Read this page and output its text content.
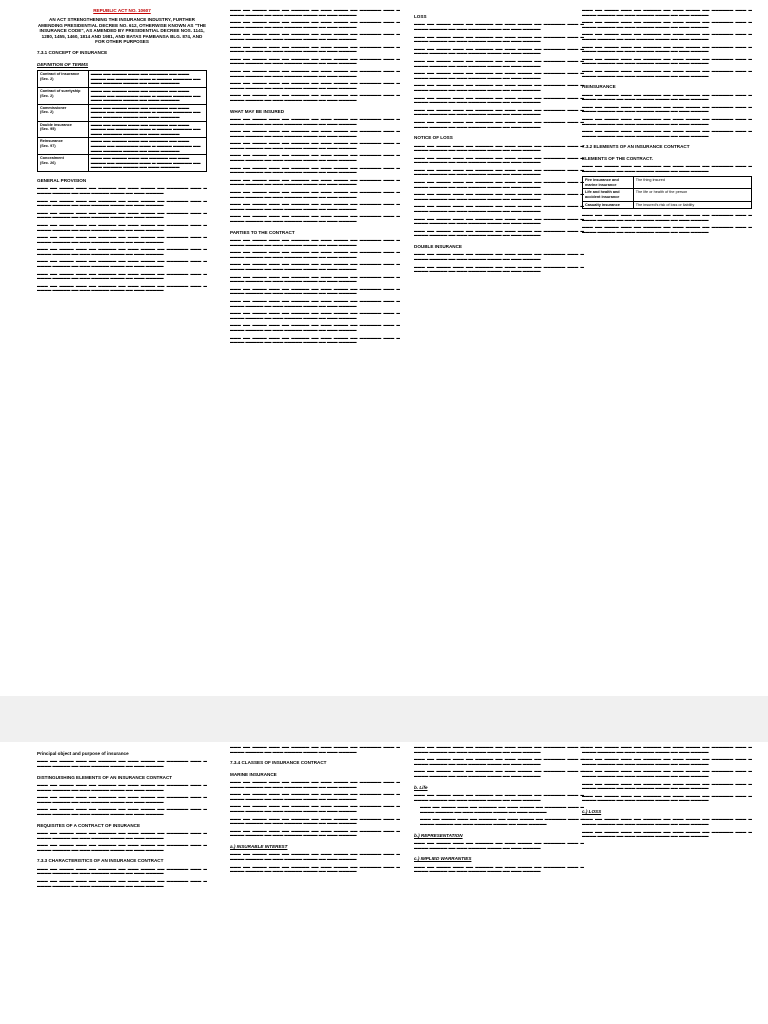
REPUBLIC ACT NO. 10607
AN ACT STRENGTHENING THE INSURANCE INDUSTRY, FURTHER AMENDING PRESIDENTIAL DECREE NO. 612, OTHERWISE KNOWN AS "THE INSURANCE CODE", AS AMENDED BY PRESIDENTIAL DECREE NOS. 1141, 1280, 1455, 1460, 1814 AND 1981, AND BATAS PAMBANSA BLG. 874, AND FOR OTHER PURPOSES
7.3.1 CONCEPT OF INSURANCE
DEFINITION OF TERMS
Contract of insurance
(Sec. 2)	▬▬▬ ▬▬ ▬▬▬▬ ▬▬▬ ▬▬ ▬▬▬▬▬ ▬▬ ▬▬▬ ▬▬▬▬ ▬▬ ▬▬▬▬▬▬ ▬▬▬ ▬ ▬▬▬▬ ▬▬▬▬▬ ▬▬ ▬▬▬ ▬▬▬▬▬ ▬▬▬▬ ▬▬ ▬▬▬ ▬▬▬▬▬
Contract of suretyship
(Sec. 2)	▬▬▬ ▬▬ ▬▬▬▬ ▬▬▬ ▬▬ ▬▬▬▬▬ ▬▬ ▬▬▬ ▬▬▬▬ ▬▬ ▬▬▬▬▬▬ ▬▬▬ ▬ ▬▬▬▬ ▬▬▬▬▬ ▬▬ ▬▬▬ ▬▬▬▬▬ ▬▬▬▬ ▬▬ ▬▬▬ ▬▬▬▬▬
Commissioner
(Sec. 2)	▬▬▬ ▬▬ ▬▬▬▬ ▬▬▬ ▬▬ ▬▬▬▬▬ ▬▬ ▬▬▬ ▬▬▬▬ ▬▬ ▬▬▬▬▬▬ ▬▬▬ ▬ ▬▬▬▬ ▬▬▬▬▬ ▬▬ ▬▬▬ ▬▬▬▬▬ ▬▬▬▬ ▬▬ ▬▬▬ ▬▬▬▬▬
Double insurance
(Sec. 95)	▬▬▬ ▬▬ ▬▬▬▬ ▬▬▬ ▬▬ ▬▬▬▬▬ ▬▬ ▬▬▬ ▬▬▬▬ ▬▬ ▬▬▬▬▬▬ ▬▬▬ ▬ ▬▬▬▬ ▬▬▬▬▬ ▬▬ ▬▬▬ ▬▬▬▬▬ ▬▬▬▬ ▬▬ ▬▬▬ ▬▬▬▬▬
Reinsurance
(Sec. 97)	▬▬▬ ▬▬ ▬▬▬▬ ▬▬▬ ▬▬ ▬▬▬▬▬ ▬▬ ▬▬▬ ▬▬▬▬ ▬▬ ▬▬▬▬▬▬ ▬▬▬ ▬ ▬▬▬▬ ▬▬▬▬▬ ▬▬ ▬▬▬ ▬▬▬▬▬ ▬▬▬▬ ▬▬ ▬▬▬ ▬▬▬▬▬
Concealment
(Sec. 26)	▬▬▬ ▬▬ ▬▬▬▬ ▬▬▬ ▬▬ ▬▬▬▬▬ ▬▬ ▬▬▬ ▬▬▬▬ ▬▬ ▬▬▬▬▬▬ ▬▬▬ ▬ ▬▬▬▬ ▬▬▬▬▬ ▬▬ ▬▬▬ ▬▬▬▬▬ ▬▬▬▬ ▬▬ ▬▬▬ ▬▬▬▬▬
GENERAL PROVISION

▬▬▬ ▬▬ ▬▬▬▬ ▬▬▬ ▬▬ ▬▬▬▬▬ ▬▬ ▬▬▬ ▬▬▬▬ ▬▬ ▬▬▬▬▬▬ ▬▬▬ ▬ ▬▬▬▬ ▬▬▬▬▬ ▬▬ ▬▬▬ ▬▬▬▬▬ ▬▬▬▬ ▬▬ ▬▬▬ ▬▬▬▬▬

▬▬▬ ▬▬ ▬▬▬▬ ▬▬▬ ▬▬ ▬▬▬▬▬ ▬▬ ▬▬▬ ▬▬▬▬ ▬▬ ▬▬▬▬▬▬ ▬▬▬ ▬ ▬▬▬▬ ▬▬▬▬▬ ▬▬ ▬▬▬ ▬▬▬▬▬ ▬▬▬▬ ▬▬ ▬▬▬ ▬▬▬▬▬

▬▬▬ ▬▬ ▬▬▬▬ ▬▬▬ ▬▬ ▬▬▬▬▬ ▬▬ ▬▬▬ ▬▬▬▬ ▬▬ ▬▬▬▬▬▬ ▬▬▬ ▬ ▬▬▬▬ ▬▬▬▬▬ ▬▬ ▬▬▬ ▬▬▬▬▬ ▬▬▬▬ ▬▬ ▬▬▬ ▬▬▬▬▬

▬▬▬ ▬▬ ▬▬▬▬ ▬▬▬ ▬▬ ▬▬▬▬▬ ▬▬ ▬▬▬ ▬▬▬▬ ▬▬ ▬▬▬▬▬▬ ▬▬▬ ▬ ▬▬▬▬ ▬▬▬▬▬ ▬▬ ▬▬▬ ▬▬▬▬▬ ▬▬▬▬ ▬▬ ▬▬▬ ▬▬▬▬▬

▬▬▬ ▬▬ ▬▬▬▬ ▬▬▬ ▬▬ ▬▬▬▬▬ ▬▬ ▬▬▬ ▬▬▬▬ ▬▬ ▬▬▬▬▬▬ ▬▬▬ ▬ ▬▬▬▬ ▬▬▬▬▬ ▬▬ ▬▬▬ ▬▬▬▬▬ ▬▬▬▬ ▬▬ ▬▬▬ ▬▬▬▬▬

▬▬▬ ▬▬ ▬▬▬▬ ▬▬▬ ▬▬ ▬▬▬▬▬ ▬▬ ▬▬▬ ▬▬▬▬ ▬▬ ▬▬▬▬▬▬ ▬▬▬ ▬ ▬▬▬▬ ▬▬▬▬▬ ▬▬ ▬▬▬ ▬▬▬▬▬ ▬▬▬▬ ▬▬ ▬▬▬ ▬▬▬▬▬

▬▬▬ ▬▬ ▬▬▬▬ ▬▬▬ ▬▬ ▬▬▬▬▬ ▬▬ ▬▬▬ ▬▬▬▬ ▬▬ ▬▬▬▬▬▬ ▬▬▬ ▬ ▬▬▬▬ ▬▬▬▬▬ ▬▬ ▬▬▬ ▬▬▬▬▬ ▬▬▬▬ ▬▬ ▬▬▬ ▬▬▬▬▬

▬▬▬ ▬▬ ▬▬▬▬ ▬▬▬ ▬▬ ▬▬▬▬▬ ▬▬ ▬▬▬ ▬▬▬▬ ▬▬ ▬▬▬▬▬▬ ▬▬▬ ▬ ▬▬▬▬ ▬▬▬▬▬ ▬▬ ▬▬▬ ▬▬▬▬▬ ▬▬▬▬ ▬▬ ▬▬▬ ▬▬▬▬▬

▬▬▬ ▬▬ ▬▬▬▬ ▬▬▬ ▬▬ ▬▬▬▬▬ ▬▬ ▬▬▬ ▬▬▬▬ ▬▬ ▬▬▬▬▬▬ ▬▬▬ ▬ ▬▬▬▬ ▬▬▬▬▬ ▬▬ ▬▬▬ ▬▬▬▬▬ ▬▬▬▬ ▬▬ ▬▬▬ ▬▬▬▬▬

▬▬▬ ▬▬ ▬▬▬▬ ▬▬▬ ▬▬ ▬▬▬▬▬ ▬▬ ▬▬▬ ▬▬▬▬ ▬▬ ▬▬▬▬▬▬ ▬▬▬ ▬ ▬▬▬▬ ▬▬▬▬▬ ▬▬ ▬▬▬ ▬▬▬▬▬ ▬▬▬▬ ▬▬ ▬▬▬ ▬▬▬▬▬

▬▬▬ ▬▬ ▬▬▬▬ ▬▬▬ ▬▬ ▬▬▬▬▬ ▬▬ ▬▬▬ ▬▬▬▬ ▬▬ ▬▬▬▬▬▬ ▬▬▬ ▬ ▬▬▬▬ ▬▬▬▬▬ ▬▬ ▬▬▬ ▬▬▬▬▬ ▬▬▬▬ ▬▬ ▬▬▬ ▬▬▬▬▬

▬▬▬ ▬▬ ▬▬▬▬ ▬▬▬ ▬▬ ▬▬▬▬▬ ▬▬ ▬▬▬ ▬▬▬▬ ▬▬ ▬▬▬▬▬▬ ▬▬▬ ▬ ▬▬▬▬ ▬▬▬▬▬ ▬▬ ▬▬▬ ▬▬▬▬▬ ▬▬▬▬ ▬▬ ▬▬▬ ▬▬▬▬▬

▬▬▬ ▬▬ ▬▬▬▬ ▬▬▬ ▬▬ ▬▬▬▬▬ ▬▬ ▬▬▬ ▬▬▬▬ ▬▬ ▬▬▬▬▬▬ ▬▬▬ ▬ ▬▬▬▬ ▬▬▬▬▬ ▬▬ ▬▬▬ ▬▬▬▬▬ ▬▬▬▬ ▬▬ ▬▬▬ ▬▬▬▬▬

▬▬▬ ▬▬ ▬▬▬▬ ▬▬▬ ▬▬ ▬▬▬▬▬ ▬▬ ▬▬▬ ▬▬▬▬ ▬▬ ▬▬▬▬▬▬ ▬▬▬ ▬ ▬▬▬▬ ▬▬▬▬▬ ▬▬ ▬▬▬ ▬▬▬▬▬ ▬▬▬▬ ▬▬ ▬▬▬ ▬▬▬▬▬

▬▬▬ ▬▬ ▬▬▬▬ ▬▬▬ ▬▬ ▬▬▬▬▬ ▬▬ ▬▬▬ ▬▬▬▬ ▬▬ ▬▬▬▬▬▬ ▬▬▬ ▬ ▬▬▬▬ ▬▬▬▬▬ ▬▬ ▬▬▬ ▬▬▬▬▬ ▬▬▬▬ ▬▬ ▬▬▬ ▬▬▬▬▬

▬▬▬ ▬▬ ▬▬▬▬ ▬▬▬ ▬▬ ▬▬▬▬▬ ▬▬ ▬▬▬ ▬▬▬▬ ▬▬ ▬▬▬▬▬▬ ▬▬▬ ▬ ▬▬▬▬ ▬▬▬▬▬ ▬▬ ▬▬▬ ▬▬▬▬▬ ▬▬▬▬ ▬▬ ▬▬▬ ▬▬▬▬▬

▬▬▬ ▬▬ ▬▬▬▬ ▬▬▬ ▬▬ ▬▬▬▬▬ ▬▬ ▬▬▬ ▬▬▬▬ ▬▬ ▬▬▬▬▬▬ ▬▬▬ ▬ ▬▬▬▬ ▬▬▬▬▬ ▬▬ ▬▬▬ ▬▬▬▬▬ ▬▬▬▬ ▬▬ ▬▬▬ ▬▬▬▬▬

WHAT MAY BE INSURED

▬▬▬ ▬▬ ▬▬▬▬ ▬▬▬ ▬▬ ▬▬▬▬▬ ▬▬ ▬▬▬ ▬▬▬▬ ▬▬ ▬▬▬▬▬▬ ▬▬▬ ▬ ▬▬▬▬ ▬▬▬▬▬ ▬▬ ▬▬▬ ▬▬▬▬▬ ▬▬▬▬ ▬▬ ▬▬▬ ▬▬▬▬▬

▬▬▬ ▬▬ ▬▬▬▬ ▬▬▬ ▬▬ ▬▬▬▬▬ ▬▬ ▬▬▬ ▬▬▬▬ ▬▬ ▬▬▬▬▬▬ ▬▬▬ ▬ ▬▬▬▬ ▬▬▬▬▬ ▬▬ ▬▬▬ ▬▬▬▬▬ ▬▬▬▬ ▬▬ ▬▬▬ ▬▬▬▬▬

▬▬▬ ▬▬ ▬▬▬▬ ▬▬▬ ▬▬ ▬▬▬▬▬ ▬▬ ▬▬▬ ▬▬▬▬ ▬▬ ▬▬▬▬▬▬ ▬▬▬ ▬ ▬▬▬▬ ▬▬▬▬▬ ▬▬ ▬▬▬ ▬▬▬▬▬ ▬▬▬▬ ▬▬ ▬▬▬ ▬▬▬▬▬

▬▬▬ ▬▬ ▬▬▬▬ ▬▬▬ ▬▬ ▬▬▬▬▬ ▬▬ ▬▬▬ ▬▬▬▬ ▬▬ ▬▬▬▬▬▬ ▬▬▬ ▬ ▬▬▬▬ ▬▬▬▬▬ ▬▬ ▬▬▬ ▬▬▬▬▬ ▬▬▬▬ ▬▬ ▬▬▬ ▬▬▬▬▬

▬▬▬ ▬▬ ▬▬▬▬ ▬▬▬ ▬▬ ▬▬▬▬▬ ▬▬ ▬▬▬ ▬▬▬▬ ▬▬ ▬▬▬▬▬▬ ▬▬▬ ▬ ▬▬▬▬ ▬▬▬▬▬ ▬▬ ▬▬▬ ▬▬▬▬▬ ▬▬▬▬ ▬▬ ▬▬▬ ▬▬▬▬▬

▬▬▬ ▬▬ ▬▬▬▬ ▬▬▬ ▬▬ ▬▬▬▬▬ ▬▬ ▬▬▬ ▬▬▬▬ ▬▬ ▬▬▬▬▬▬ ▬▬▬ ▬ ▬▬▬▬ ▬▬▬▬▬ ▬▬ ▬▬▬ ▬▬▬▬▬ ▬▬▬▬ ▬▬ ▬▬▬ ▬▬▬▬▬

▬▬▬ ▬▬ ▬▬▬▬ ▬▬▬ ▬▬ ▬▬▬▬▬ ▬▬ ▬▬▬ ▬▬▬▬ ▬▬ ▬▬▬▬▬▬ ▬▬▬ ▬ ▬▬▬▬ ▬▬▬▬▬ ▬▬ ▬▬▬ ▬▬▬▬▬ ▬▬▬▬ ▬▬ ▬▬▬ ▬▬▬▬▬

▬▬▬ ▬▬ ▬▬▬▬ ▬▬▬ ▬▬ ▬▬▬▬▬ ▬▬ ▬▬▬ ▬▬▬▬ ▬▬ ▬▬▬▬▬▬ ▬▬▬ ▬ ▬▬▬▬ ▬▬▬▬▬ ▬▬ ▬▬▬ ▬▬▬▬▬ ▬▬▬▬ ▬▬ ▬▬▬ ▬▬▬▬▬

▬▬▬ ▬▬ ▬▬▬▬ ▬▬▬ ▬▬ ▬▬▬▬▬ ▬▬ ▬▬▬ ▬▬▬▬ ▬▬ ▬▬▬▬▬▬ ▬▬▬ ▬ ▬▬▬▬ ▬▬▬▬▬ ▬▬ ▬▬▬ ▬▬▬▬▬ ▬▬▬▬ ▬▬ ▬▬▬ ▬▬▬▬▬

PARTIES TO THE CONTRACT

▬▬▬ ▬▬ ▬▬▬▬ ▬▬▬ ▬▬ ▬▬▬▬▬ ▬▬ ▬▬▬ ▬▬▬▬ ▬▬ ▬▬▬▬▬▬ ▬▬▬ ▬ ▬▬▬▬ ▬▬▬▬▬ ▬▬ ▬▬▬ ▬▬▬▬▬ ▬▬▬▬ ▬▬ ▬▬▬ ▬▬▬▬▬

▬▬▬ ▬▬ ▬▬▬▬ ▬▬▬ ▬▬ ▬▬▬▬▬ ▬▬ ▬▬▬ ▬▬▬▬ ▬▬ ▬▬▬▬▬▬ ▬▬▬ ▬ ▬▬▬▬ ▬▬▬▬▬ ▬▬ ▬▬▬ ▬▬▬▬▬ ▬▬▬▬ ▬▬ ▬▬▬ ▬▬▬▬▬

▬▬▬ ▬▬ ▬▬▬▬ ▬▬▬ ▬▬ ▬▬▬▬▬ ▬▬ ▬▬▬ ▬▬▬▬ ▬▬ ▬▬▬▬▬▬ ▬▬▬ ▬ ▬▬▬▬ ▬▬▬▬▬ ▬▬ ▬▬▬ ▬▬▬▬▬ ▬▬▬▬ ▬▬ ▬▬▬ ▬▬▬▬▬

▬▬▬ ▬▬ ▬▬▬▬ ▬▬▬ ▬▬ ▬▬▬▬▬ ▬▬ ▬▬▬ ▬▬▬▬ ▬▬ ▬▬▬▬▬▬ ▬▬▬ ▬ ▬▬▬▬ ▬▬▬▬▬ ▬▬ ▬▬▬ ▬▬▬▬▬ ▬▬▬▬ ▬▬ ▬▬▬ ▬▬▬▬▬

▬▬▬ ▬▬ ▬▬▬▬ ▬▬▬ ▬▬ ▬▬▬▬▬ ▬▬ ▬▬▬ ▬▬▬▬ ▬▬ ▬▬▬▬▬▬ ▬▬▬ ▬ ▬▬▬▬ ▬▬▬▬▬ ▬▬ ▬▬▬ ▬▬▬▬▬ ▬▬▬▬ ▬▬ ▬▬▬ ▬▬▬▬▬

▬▬▬ ▬▬ ▬▬▬▬ ▬▬▬ ▬▬ ▬▬▬▬▬ ▬▬ ▬▬▬ ▬▬▬▬ ▬▬ ▬▬▬▬▬▬ ▬▬▬ ▬ ▬▬▬▬ ▬▬▬▬▬ ▬▬ ▬▬▬ ▬▬▬▬▬ ▬▬▬▬ ▬▬ ▬▬▬ ▬▬▬▬▬

▬▬▬ ▬▬ ▬▬▬▬ ▬▬▬ ▬▬ ▬▬▬▬▬ ▬▬ ▬▬▬ ▬▬▬▬ ▬▬ ▬▬▬▬▬▬ ▬▬▬ ▬ ▬▬▬▬ ▬▬▬▬▬ ▬▬ ▬▬▬ ▬▬▬▬▬ ▬▬▬▬ ▬▬ ▬▬▬ ▬▬▬▬▬

▬▬▬ ▬▬ ▬▬▬▬ ▬▬▬ ▬▬ ▬▬▬▬▬ ▬▬ ▬▬▬ ▬▬▬▬ ▬▬ ▬▬▬▬▬▬ ▬▬▬ ▬ ▬▬▬▬ ▬▬▬▬▬ ▬▬ ▬▬▬ ▬▬▬▬▬ ▬▬▬▬ ▬▬ ▬▬▬ ▬▬▬▬▬

▬▬▬ ▬▬ ▬▬▬▬ ▬▬▬ ▬▬ ▬▬▬▬▬ ▬▬ ▬▬▬ ▬▬▬▬ ▬▬ ▬▬▬▬▬▬ ▬▬▬ ▬ ▬▬▬▬ ▬▬▬▬▬ ▬▬ ▬▬▬ ▬▬▬▬▬ ▬▬▬▬ ▬▬ ▬▬▬ ▬▬▬▬▬

LOSS

▬▬▬ ▬▬ ▬▬▬▬ ▬▬▬ ▬▬ ▬▬▬▬▬ ▬▬ ▬▬▬ ▬▬▬▬ ▬▬ ▬▬▬▬▬▬ ▬▬▬ ▬ ▬▬▬▬ ▬▬▬▬▬ ▬▬ ▬▬▬ ▬▬▬▬▬ ▬▬▬▬ ▬▬ ▬▬▬ ▬▬▬▬▬

▬▬▬ ▬▬ ▬▬▬▬ ▬▬▬ ▬▬ ▬▬▬▬▬ ▬▬ ▬▬▬ ▬▬▬▬ ▬▬ ▬▬▬▬▬▬ ▬▬▬ ▬ ▬▬▬▬ ▬▬▬▬▬ ▬▬ ▬▬▬ ▬▬▬▬▬ ▬▬▬▬ ▬▬ ▬▬▬ ▬▬▬▬▬

▬▬▬ ▬▬ ▬▬▬▬ ▬▬▬ ▬▬ ▬▬▬▬▬ ▬▬ ▬▬▬ ▬▬▬▬ ▬▬ ▬▬▬▬▬▬ ▬▬▬ ▬ ▬▬▬▬ ▬▬▬▬▬ ▬▬ ▬▬▬ ▬▬▬▬▬ ▬▬▬▬ ▬▬ ▬▬▬ ▬▬▬▬▬

▬▬▬ ▬▬ ▬▬▬▬ ▬▬▬ ▬▬ ▬▬▬▬▬ ▬▬ ▬▬▬ ▬▬▬▬ ▬▬ ▬▬▬▬▬▬ ▬▬▬ ▬ ▬▬▬▬ ▬▬▬▬▬ ▬▬ ▬▬▬ ▬▬▬▬▬ ▬▬▬▬ ▬▬ ▬▬▬ ▬▬▬▬▬

▬▬▬ ▬▬ ▬▬▬▬ ▬▬▬ ▬▬ ▬▬▬▬▬ ▬▬ ▬▬▬ ▬▬▬▬ ▬▬ ▬▬▬▬▬▬ ▬▬▬ ▬ ▬▬▬▬ ▬▬▬▬▬ ▬▬ ▬▬▬ ▬▬▬▬▬ ▬▬▬▬ ▬▬ ▬▬▬ ▬▬▬▬▬

▬▬▬ ▬▬ ▬▬▬▬ ▬▬▬ ▬▬ ▬▬▬▬▬ ▬▬ ▬▬▬ ▬▬▬▬ ▬▬ ▬▬▬▬▬▬ ▬▬▬ ▬ ▬▬▬▬ ▬▬▬▬▬ ▬▬ ▬▬▬ ▬▬▬▬▬ ▬▬▬▬ ▬▬ ▬▬▬ ▬▬▬▬▬

▬▬▬ ▬▬ ▬▬▬▬ ▬▬▬ ▬▬ ▬▬▬▬▬ ▬▬ ▬▬▬ ▬▬▬▬ ▬▬ ▬▬▬▬▬▬ ▬▬▬ ▬ ▬▬▬▬ ▬▬▬▬▬ ▬▬ ▬▬▬ ▬▬▬▬▬ ▬▬▬▬ ▬▬ ▬▬▬ ▬▬▬▬▬

▬▬▬ ▬▬ ▬▬▬▬ ▬▬▬ ▬▬ ▬▬▬▬▬ ▬▬ ▬▬▬ ▬▬▬▬ ▬▬ ▬▬▬▬▬▬ ▬▬▬ ▬ ▬▬▬▬ ▬▬▬▬▬ ▬▬ ▬▬▬ ▬▬▬▬▬ ▬▬▬▬ ▬▬ ▬▬▬ ▬▬▬▬▬

▬▬▬ ▬▬ ▬▬▬▬ ▬▬▬ ▬▬ ▬▬▬▬▬ ▬▬ ▬▬▬ ▬▬▬▬ ▬▬ ▬▬▬▬▬▬ ▬▬▬ ▬ ▬▬▬▬ ▬▬▬▬▬ ▬▬ ▬▬▬ ▬▬▬▬▬ ▬▬▬▬ ▬▬ ▬▬▬ ▬▬▬▬▬

NOTICE OF LOSS

▬▬▬ ▬▬ ▬▬▬▬ ▬▬▬ ▬▬ ▬▬▬▬▬ ▬▬ ▬▬▬ ▬▬▬▬ ▬▬ ▬▬▬▬▬▬ ▬▬▬ ▬ ▬▬▬▬ ▬▬▬▬▬ ▬▬ ▬▬▬ ▬▬▬▬▬ ▬▬▬▬ ▬▬ ▬▬▬ ▬▬▬▬▬

▬▬▬ ▬▬ ▬▬▬▬ ▬▬▬ ▬▬ ▬▬▬▬▬ ▬▬ ▬▬▬ ▬▬▬▬ ▬▬ ▬▬▬▬▬▬ ▬▬▬ ▬ ▬▬▬▬ ▬▬▬▬▬ ▬▬ ▬▬▬ ▬▬▬▬▬ ▬▬▬▬ ▬▬ ▬▬▬ ▬▬▬▬▬

▬▬▬ ▬▬ ▬▬▬▬ ▬▬▬ ▬▬ ▬▬▬▬▬ ▬▬ ▬▬▬ ▬▬▬▬ ▬▬ ▬▬▬▬▬▬ ▬▬▬ ▬ ▬▬▬▬ ▬▬▬▬▬ ▬▬ ▬▬▬ ▬▬▬▬▬ ▬▬▬▬ ▬▬ ▬▬▬ ▬▬▬▬▬

▬▬▬ ▬▬ ▬▬▬▬ ▬▬▬ ▬▬ ▬▬▬▬▬ ▬▬ ▬▬▬ ▬▬▬▬ ▬▬ ▬▬▬▬▬▬ ▬▬▬ ▬ ▬▬▬▬ ▬▬▬▬▬ ▬▬ ▬▬▬ ▬▬▬▬▬ ▬▬▬▬ ▬▬ ▬▬▬ ▬▬▬▬▬

▬▬▬ ▬▬ ▬▬▬▬ ▬▬▬ ▬▬ ▬▬▬▬▬ ▬▬ ▬▬▬ ▬▬▬▬ ▬▬ ▬▬▬▬▬▬ ▬▬▬ ▬ ▬▬▬▬ ▬▬▬▬▬ ▬▬ ▬▬▬ ▬▬▬▬▬ ▬▬▬▬ ▬▬ ▬▬▬ ▬▬▬▬▬

▬▬▬ ▬▬ ▬▬▬▬ ▬▬▬ ▬▬ ▬▬▬▬▬ ▬▬ ▬▬▬ ▬▬▬▬ ▬▬ ▬▬▬▬▬▬ ▬▬▬ ▬ ▬▬▬▬ ▬▬▬▬▬ ▬▬ ▬▬▬ ▬▬▬▬▬ ▬▬▬▬ ▬▬ ▬▬▬ ▬▬▬▬▬

▬▬▬ ▬▬ ▬▬▬▬ ▬▬▬ ▬▬ ▬▬▬▬▬ ▬▬ ▬▬▬ ▬▬▬▬ ▬▬ ▬▬▬▬▬▬ ▬▬▬ ▬ ▬▬▬▬ ▬▬▬▬▬ ▬▬ ▬▬▬ ▬▬▬▬▬ ▬▬▬▬ ▬▬ ▬▬▬ ▬▬▬▬▬

▬▬▬ ▬▬ ▬▬▬▬ ▬▬▬ ▬▬ ▬▬▬▬▬ ▬▬ ▬▬▬ ▬▬▬▬ ▬▬ ▬▬▬▬▬▬ ▬▬▬ ▬ ▬▬▬▬ ▬▬▬▬▬ ▬▬ ▬▬▬ ▬▬▬▬▬ ▬▬▬▬ ▬▬ ▬▬▬ ▬▬▬▬▬

DOUBLE INSURANCE

▬▬▬ ▬▬ ▬▬▬▬ ▬▬▬ ▬▬ ▬▬▬▬▬ ▬▬ ▬▬▬ ▬▬▬▬ ▬▬ ▬▬▬▬▬▬ ▬▬▬ ▬ ▬▬▬▬ ▬▬▬▬▬ ▬▬ ▬▬▬ ▬▬▬▬▬ ▬▬▬▬ ▬▬ ▬▬▬ ▬▬▬▬▬

▬▬▬ ▬▬ ▬▬▬▬ ▬▬▬ ▬▬ ▬▬▬▬▬ ▬▬ ▬▬▬ ▬▬▬▬ ▬▬ ▬▬▬▬▬▬ ▬▬▬ ▬ ▬▬▬▬ ▬▬▬▬▬ ▬▬ ▬▬▬ ▬▬▬▬▬ ▬▬▬▬ ▬▬ ▬▬▬ ▬▬▬▬▬

▬▬▬ ▬▬ ▬▬▬▬ ▬▬▬ ▬▬ ▬▬▬▬▬ ▬▬ ▬▬▬ ▬▬▬▬ ▬▬ ▬▬▬▬▬▬ ▬▬▬ ▬ ▬▬▬▬ ▬▬▬▬▬ ▬▬ ▬▬▬ ▬▬▬▬▬ ▬▬▬▬ ▬▬ ▬▬▬ ▬▬▬▬▬

▬▬▬ ▬▬ ▬▬▬▬ ▬▬▬ ▬▬ ▬▬▬▬▬ ▬▬ ▬▬▬ ▬▬▬▬ ▬▬ ▬▬▬▬▬▬ ▬▬▬ ▬ ▬▬▬▬ ▬▬▬▬▬ ▬▬ ▬▬▬ ▬▬▬▬▬ ▬▬▬▬ ▬▬ ▬▬▬ ▬▬▬▬▬

▬▬▬ ▬▬ ▬▬▬▬ ▬▬▬ ▬▬ ▬▬▬▬▬ ▬▬ ▬▬▬ ▬▬▬▬ ▬▬ ▬▬▬▬▬▬ ▬▬▬ ▬ ▬▬▬▬ ▬▬▬▬▬ ▬▬ ▬▬▬ ▬▬▬▬▬ ▬▬▬▬ ▬▬ ▬▬▬ ▬▬▬▬▬

▬▬▬ ▬▬ ▬▬▬▬ ▬▬▬ ▬▬ ▬▬▬▬▬ ▬▬ ▬▬▬ ▬▬▬▬ ▬▬ ▬▬▬▬▬▬ ▬▬▬ ▬ ▬▬▬▬ ▬▬▬▬▬ ▬▬ ▬▬▬ ▬▬▬▬▬ ▬▬▬▬ ▬▬ ▬▬▬ ▬▬▬▬▬

▬▬▬ ▬▬ ▬▬▬▬ ▬▬▬ ▬▬ ▬▬▬▬▬ ▬▬ ▬▬▬ ▬▬▬▬ ▬▬ ▬▬▬▬▬▬ ▬▬▬ ▬ ▬▬▬▬ ▬▬▬▬▬ ▬▬ ▬▬▬ ▬▬▬▬▬ ▬▬▬▬ ▬▬ ▬▬▬ ▬▬▬▬▬

▬▬▬ ▬▬ ▬▬▬▬ ▬▬▬ ▬▬ ▬▬▬▬▬ ▬▬ ▬▬▬ ▬▬▬▬ ▬▬ ▬▬▬▬▬▬ ▬▬▬ ▬ ▬▬▬▬ ▬▬▬▬▬ ▬▬ ▬▬▬ ▬▬▬▬▬ ▬▬▬▬ ▬▬ ▬▬▬ ▬▬▬▬▬

REINSURANCE

▬▬▬ ▬▬ ▬▬▬▬ ▬▬▬ ▬▬ ▬▬▬▬▬ ▬▬ ▬▬▬ ▬▬▬▬ ▬▬ ▬▬▬▬▬▬ ▬▬▬ ▬ ▬▬▬▬ ▬▬▬▬▬ ▬▬ ▬▬▬ ▬▬▬▬▬ ▬▬▬▬ ▬▬ ▬▬▬ ▬▬▬▬▬

▬▬▬ ▬▬ ▬▬▬▬ ▬▬▬ ▬▬ ▬▬▬▬▬ ▬▬ ▬▬▬ ▬▬▬▬ ▬▬ ▬▬▬▬▬▬ ▬▬▬ ▬ ▬▬▬▬ ▬▬▬▬▬ ▬▬ ▬▬▬ ▬▬▬▬▬ ▬▬▬▬ ▬▬ ▬▬▬ ▬▬▬▬▬

▬▬▬ ▬▬ ▬▬▬▬ ▬▬▬ ▬▬ ▬▬▬▬▬ ▬▬ ▬▬▬ ▬▬▬▬ ▬▬ ▬▬▬▬▬▬ ▬▬▬ ▬ ▬▬▬▬ ▬▬▬▬▬ ▬▬ ▬▬▬ ▬▬▬▬▬ ▬▬▬▬ ▬▬ ▬▬▬ ▬▬▬▬▬

▬▬▬ ▬▬ ▬▬▬▬ ▬▬▬ ▬▬ ▬▬▬▬▬ ▬▬ ▬▬▬ ▬▬▬▬ ▬▬ ▬▬▬▬▬▬ ▬▬▬ ▬ ▬▬▬▬ ▬▬▬▬▬ ▬▬ ▬▬▬ ▬▬▬▬▬ ▬▬▬▬ ▬▬ ▬▬▬ ▬▬▬▬▬

7.3.2 ELEMENTS OF AN INSURANCE CONTRACT
ELEMENTS OF THE CONTRACT.

▬▬▬ ▬▬ ▬▬▬▬ ▬▬▬ ▬▬ ▬▬▬▬▬ ▬▬ ▬▬▬ ▬▬▬▬ ▬▬ ▬▬▬▬▬▬ ▬▬▬ ▬ ▬▬▬▬ ▬▬▬▬▬ ▬▬ ▬▬▬ ▬▬▬▬▬ ▬▬▬▬ ▬▬ ▬▬▬ ▬▬▬▬▬

Fire insurance and marine insurance	The thing insured
Life and health and accident insurance	The life or health of the person
Casualty insurance	The insured's risk of loss or liability

▬▬▬ ▬▬ ▬▬▬▬ ▬▬▬ ▬▬ ▬▬▬▬▬ ▬▬ ▬▬▬ ▬▬▬▬ ▬▬ ▬▬▬▬▬▬ ▬▬▬ ▬ ▬▬▬▬ ▬▬▬▬▬ ▬▬ ▬▬▬ ▬▬▬▬▬ ▬▬▬▬ ▬▬ ▬▬▬ ▬▬▬▬▬

▬▬▬ ▬▬ ▬▬▬▬ ▬▬▬ ▬▬ ▬▬▬▬▬ ▬▬ ▬▬▬ ▬▬▬▬ ▬▬ ▬▬▬▬▬▬ ▬▬▬ ▬ ▬▬▬▬ ▬▬▬▬▬ ▬▬ ▬▬▬ ▬▬▬▬▬ ▬▬▬▬ ▬▬ ▬▬▬ ▬▬▬▬▬

Principal object and purpose of insurance

▬▬▬ ▬▬ ▬▬▬▬ ▬▬▬ ▬▬ ▬▬▬▬▬ ▬▬ ▬▬▬ ▬▬▬▬ ▬▬ ▬▬▬▬▬▬ ▬▬▬ ▬ ▬▬▬▬ ▬▬▬▬▬ ▬▬ ▬▬▬ ▬▬▬▬▬ ▬▬▬▬ ▬▬ ▬▬▬ ▬▬▬▬▬

DISTINGUISHING ELEMENTS OF AN INSURANCE CONTRACT

▬▬▬ ▬▬ ▬▬▬▬ ▬▬▬ ▬▬ ▬▬▬▬▬ ▬▬ ▬▬▬ ▬▬▬▬ ▬▬ ▬▬▬▬▬▬ ▬▬▬ ▬ ▬▬▬▬ ▬▬▬▬▬ ▬▬ ▬▬▬ ▬▬▬▬▬ ▬▬▬▬ ▬▬ ▬▬▬ ▬▬▬▬▬

▬▬▬ ▬▬ ▬▬▬▬ ▬▬▬ ▬▬ ▬▬▬▬▬ ▬▬ ▬▬▬ ▬▬▬▬ ▬▬ ▬▬▬▬▬▬ ▬▬▬ ▬ ▬▬▬▬ ▬▬▬▬▬ ▬▬ ▬▬▬ ▬▬▬▬▬ ▬▬▬▬ ▬▬ ▬▬▬ ▬▬▬▬▬

▬▬▬ ▬▬ ▬▬▬▬ ▬▬▬ ▬▬ ▬▬▬▬▬ ▬▬ ▬▬▬ ▬▬▬▬ ▬▬ ▬▬▬▬▬▬ ▬▬▬ ▬ ▬▬▬▬ ▬▬▬▬▬ ▬▬ ▬▬▬ ▬▬▬▬▬ ▬▬▬▬ ▬▬ ▬▬▬ ▬▬▬▬▬

REQUISITES OF A CONTRACT OF INSURANCE

▬▬▬ ▬▬ ▬▬▬▬ ▬▬▬ ▬▬ ▬▬▬▬▬ ▬▬ ▬▬▬ ▬▬▬▬ ▬▬ ▬▬▬▬▬▬ ▬▬▬ ▬ ▬▬▬▬ ▬▬▬▬▬ ▬▬ ▬▬▬ ▬▬▬▬▬ ▬▬▬▬ ▬▬ ▬▬▬ ▬▬▬▬▬

▬▬▬ ▬▬ ▬▬▬▬ ▬▬▬ ▬▬ ▬▬▬▬▬ ▬▬ ▬▬▬ ▬▬▬▬ ▬▬ ▬▬▬▬▬▬ ▬▬▬ ▬ ▬▬▬▬ ▬▬▬▬▬ ▬▬ ▬▬▬ ▬▬▬▬▬ ▬▬▬▬ ▬▬ ▬▬▬ ▬▬▬▬▬

7.3.3 CHARACTERISTICS OF AN INSURANCE CONTRACT

▬▬▬ ▬▬ ▬▬▬▬ ▬▬▬ ▬▬ ▬▬▬▬▬ ▬▬ ▬▬▬ ▬▬▬▬ ▬▬ ▬▬▬▬▬▬ ▬▬▬ ▬ ▬▬▬▬ ▬▬▬▬▬ ▬▬ ▬▬▬ ▬▬▬▬▬ ▬▬▬▬ ▬▬ ▬▬▬ ▬▬▬▬▬

▬▬▬ ▬▬ ▬▬▬▬ ▬▬▬ ▬▬ ▬▬▬▬▬ ▬▬ ▬▬▬ ▬▬▬▬ ▬▬ ▬▬▬▬▬▬ ▬▬▬ ▬ ▬▬▬▬ ▬▬▬▬▬ ▬▬ ▬▬▬ ▬▬▬▬▬ ▬▬▬▬ ▬▬ ▬▬▬ ▬▬▬▬▬

▬▬▬ ▬▬ ▬▬▬▬ ▬▬▬ ▬▬ ▬▬▬▬▬ ▬▬ ▬▬▬ ▬▬▬▬ ▬▬ ▬▬▬▬▬▬ ▬▬▬ ▬ ▬▬▬▬ ▬▬▬▬▬ ▬▬ ▬▬▬ ▬▬▬▬▬ ▬▬▬▬ ▬▬ ▬▬▬ ▬▬▬▬▬

7.3.4 CLASSES OF INSURANCE CONTRACT
MARINE INSURANCE

▬▬▬ ▬▬ ▬▬▬▬ ▬▬▬ ▬▬ ▬▬▬▬▬ ▬▬ ▬▬▬ ▬▬▬▬ ▬▬ ▬▬▬▬▬▬ ▬▬▬ ▬ ▬▬▬▬ ▬▬▬▬▬ ▬▬ ▬▬▬ ▬▬▬▬▬ ▬▬▬▬ ▬▬ ▬▬▬ ▬▬▬▬▬

▬▬▬ ▬▬ ▬▬▬▬ ▬▬▬ ▬▬ ▬▬▬▬▬ ▬▬ ▬▬▬ ▬▬▬▬ ▬▬ ▬▬▬▬▬▬ ▬▬▬ ▬ ▬▬▬▬ ▬▬▬▬▬ ▬▬ ▬▬▬ ▬▬▬▬▬ ▬▬▬▬ ▬▬ ▬▬▬ ▬▬▬▬▬

▬▬▬ ▬▬ ▬▬▬▬ ▬▬▬ ▬▬ ▬▬▬▬▬ ▬▬ ▬▬▬ ▬▬▬▬ ▬▬ ▬▬▬▬▬▬ ▬▬▬ ▬ ▬▬▬▬ ▬▬▬▬▬ ▬▬ ▬▬▬ ▬▬▬▬▬ ▬▬▬▬ ▬▬ ▬▬▬ ▬▬▬▬▬

▬▬▬ ▬▬ ▬▬▬▬ ▬▬▬ ▬▬ ▬▬▬▬▬ ▬▬ ▬▬▬ ▬▬▬▬ ▬▬ ▬▬▬▬▬▬ ▬▬▬ ▬ ▬▬▬▬ ▬▬▬▬▬ ▬▬ ▬▬▬ ▬▬▬▬▬ ▬▬▬▬ ▬▬ ▬▬▬ ▬▬▬▬▬

▬▬▬ ▬▬ ▬▬▬▬ ▬▬▬ ▬▬ ▬▬▬▬▬ ▬▬ ▬▬▬ ▬▬▬▬ ▬▬ ▬▬▬▬▬▬ ▬▬▬ ▬ ▬▬▬▬ ▬▬▬▬▬ ▬▬ ▬▬▬ ▬▬▬▬▬ ▬▬▬▬ ▬▬ ▬▬▬ ▬▬▬▬▬

a.) INSURABLE INTEREST

▬▬▬ ▬▬ ▬▬▬▬ ▬▬▬ ▬▬ ▬▬▬▬▬ ▬▬ ▬▬▬ ▬▬▬▬ ▬▬ ▬▬▬▬▬▬ ▬▬▬ ▬ ▬▬▬▬ ▬▬▬▬▬ ▬▬ ▬▬▬ ▬▬▬▬▬ ▬▬▬▬ ▬▬ ▬▬▬ ▬▬▬▬▬

▬▬▬ ▬▬ ▬▬▬▬ ▬▬▬ ▬▬ ▬▬▬▬▬ ▬▬ ▬▬▬ ▬▬▬▬ ▬▬ ▬▬▬▬▬▬ ▬▬▬ ▬ ▬▬▬▬ ▬▬▬▬▬ ▬▬ ▬▬▬ ▬▬▬▬▬ ▬▬▬▬ ▬▬ ▬▬▬ ▬▬▬▬▬

▬▬▬ ▬▬ ▬▬▬▬ ▬▬▬ ▬▬ ▬▬▬▬▬ ▬▬ ▬▬▬ ▬▬▬▬ ▬▬ ▬▬▬▬▬▬ ▬▬▬ ▬ ▬▬▬▬ ▬▬▬▬▬ ▬▬ ▬▬▬ ▬▬▬▬▬ ▬▬▬▬ ▬▬ ▬▬▬ ▬▬▬▬▬

▬▬▬ ▬▬ ▬▬▬▬ ▬▬▬ ▬▬ ▬▬▬▬▬ ▬▬ ▬▬▬ ▬▬▬▬ ▬▬ ▬▬▬▬▬▬ ▬▬▬ ▬ ▬▬▬▬ ▬▬▬▬▬ ▬▬ ▬▬▬ ▬▬▬▬▬ ▬▬▬▬ ▬▬ ▬▬▬ ▬▬▬▬▬

▬▬▬ ▬▬ ▬▬▬▬ ▬▬▬ ▬▬ ▬▬▬▬▬ ▬▬ ▬▬▬ ▬▬▬▬ ▬▬ ▬▬▬▬▬▬ ▬▬▬ ▬ ▬▬▬▬ ▬▬▬▬▬ ▬▬ ▬▬▬ ▬▬▬▬▬ ▬▬▬▬ ▬▬ ▬▬▬ ▬▬▬▬▬

b. Life

▬▬▬ ▬▬ ▬▬▬▬ ▬▬▬ ▬▬ ▬▬▬▬▬ ▬▬ ▬▬▬ ▬▬▬▬ ▬▬ ▬▬▬▬▬▬ ▬▬▬ ▬ ▬▬▬▬ ▬▬▬▬▬ ▬▬ ▬▬▬ ▬▬▬▬▬ ▬▬▬▬ ▬▬ ▬▬▬ ▬▬▬▬▬

▬▬▬ ▬▬ ▬▬▬▬ ▬▬▬ ▬▬ ▬▬▬▬▬ ▬▬ ▬▬▬ ▬▬▬▬ ▬▬ ▬▬▬▬▬▬ ▬▬▬ ▬ ▬▬▬▬ ▬▬▬▬▬ ▬▬ ▬▬▬ ▬▬▬▬▬ ▬▬▬▬ ▬▬ ▬▬▬ ▬▬▬▬▬

▬▬▬ ▬▬ ▬▬▬▬ ▬▬▬ ▬▬ ▬▬▬▬▬ ▬▬ ▬▬▬ ▬▬▬▬ ▬▬ ▬▬▬▬▬▬ ▬▬▬ ▬ ▬▬▬▬ ▬▬▬▬▬ ▬▬ ▬▬▬ ▬▬▬▬▬ ▬▬▬▬ ▬▬ ▬▬▬ ▬▬▬▬▬

b.) REPRESENTATION

▬▬▬ ▬▬ ▬▬▬▬ ▬▬▬ ▬▬ ▬▬▬▬▬ ▬▬ ▬▬▬ ▬▬▬▬ ▬▬ ▬▬▬▬▬▬ ▬▬▬ ▬ ▬▬▬▬ ▬▬▬▬▬ ▬▬ ▬▬▬ ▬▬▬▬▬ ▬▬▬▬ ▬▬ ▬▬▬ ▬▬▬▬▬

c.) IMPLIED WARRANTIES

▬▬▬ ▬▬ ▬▬▬▬ ▬▬▬ ▬▬ ▬▬▬▬▬ ▬▬ ▬▬▬ ▬▬▬▬ ▬▬ ▬▬▬▬▬▬ ▬▬▬ ▬ ▬▬▬▬ ▬▬▬▬▬ ▬▬ ▬▬▬ ▬▬▬▬▬ ▬▬▬▬ ▬▬ ▬▬▬ ▬▬▬▬▬

▬▬▬ ▬▬ ▬▬▬▬ ▬▬▬ ▬▬ ▬▬▬▬▬ ▬▬ ▬▬▬ ▬▬▬▬ ▬▬ ▬▬▬▬▬▬ ▬▬▬ ▬ ▬▬▬▬ ▬▬▬▬▬ ▬▬ ▬▬▬ ▬▬▬▬▬ ▬▬▬▬ ▬▬ ▬▬▬ ▬▬▬▬▬

▬▬▬ ▬▬ ▬▬▬▬ ▬▬▬ ▬▬ ▬▬▬▬▬ ▬▬ ▬▬▬ ▬▬▬▬ ▬▬ ▬▬▬▬▬▬ ▬▬▬ ▬ ▬▬▬▬ ▬▬▬▬▬ ▬▬ ▬▬▬ ▬▬▬▬▬ ▬▬▬▬ ▬▬ ▬▬▬ ▬▬▬▬▬

▬▬▬ ▬▬ ▬▬▬▬ ▬▬▬ ▬▬ ▬▬▬▬▬ ▬▬ ▬▬▬ ▬▬▬▬ ▬▬ ▬▬▬▬▬▬ ▬▬▬ ▬ ▬▬▬▬ ▬▬▬▬▬ ▬▬ ▬▬▬ ▬▬▬▬▬ ▬▬▬▬ ▬▬ ▬▬▬ ▬▬▬▬▬

▬▬▬ ▬▬ ▬▬▬▬ ▬▬▬ ▬▬ ▬▬▬▬▬ ▬▬ ▬▬▬ ▬▬▬▬ ▬▬ ▬▬▬▬▬▬ ▬▬▬ ▬ ▬▬▬▬ ▬▬▬▬▬ ▬▬ ▬▬▬ ▬▬▬▬▬ ▬▬▬▬ ▬▬ ▬▬▬ ▬▬▬▬▬

▬▬▬ ▬▬ ▬▬▬▬ ▬▬▬ ▬▬ ▬▬▬▬▬ ▬▬ ▬▬▬ ▬▬▬▬ ▬▬ ▬▬▬▬▬▬ ▬▬▬ ▬ ▬▬▬▬ ▬▬▬▬▬ ▬▬ ▬▬▬ ▬▬▬▬▬ ▬▬▬▬ ▬▬ ▬▬▬ ▬▬▬▬▬

c.) LOSS

▬▬▬ ▬▬ ▬▬▬▬ ▬▬▬ ▬▬ ▬▬▬▬▬ ▬▬ ▬▬▬ ▬▬▬▬ ▬▬ ▬▬▬▬▬▬ ▬▬▬ ▬ ▬▬▬▬ ▬▬▬▬▬ ▬▬ ▬▬▬ ▬▬▬▬▬ ▬▬▬▬ ▬▬ ▬▬▬ ▬▬▬▬▬

▬▬▬ ▬▬ ▬▬▬▬ ▬▬▬ ▬▬ ▬▬▬▬▬ ▬▬ ▬▬▬ ▬▬▬▬ ▬▬ ▬▬▬▬▬▬ ▬▬▬ ▬ ▬▬▬▬ ▬▬▬▬▬ ▬▬ ▬▬▬ ▬▬▬▬▬ ▬▬▬▬ ▬▬ ▬▬▬ ▬▬▬▬▬
